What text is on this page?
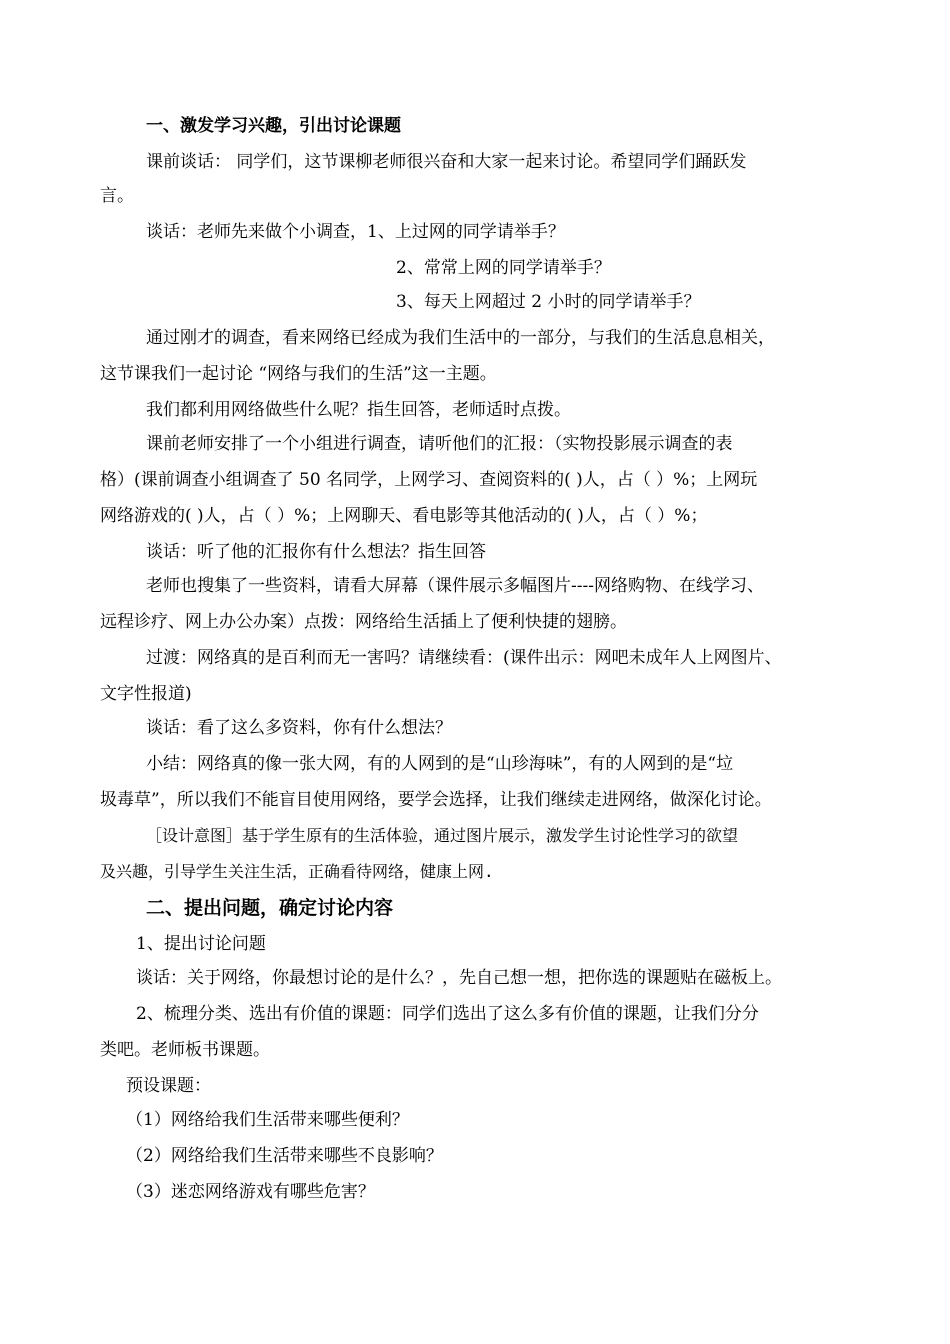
一、激发学习兴趣，引出讨论课题
课前谈话： 同学们，这节课柳老师很兴奋和大家一起来讨论。希望同学们踊跃发
言。
谈话：老师先来做个小调查，1、上过网的同学请举手？
2、常常上网的同学请举手？
3、每天上网超过 2 小时的同学请举手？
通过刚才的调查，看来网络已经成为我们生活中的一部分，与我们的生活息息相关，
这节课我们一起讨论 “网络与我们的生活”这一主题。
我们都利用网络做些什么呢？指生回答，老师适时点拨。
课前老师安排了一个小组进行调查，请听他们的汇报：（实物投影展示调查的表
格）(课前调查小组调查了 50 名同学，上网学习、查阅资料的( )人，占（ ）%；上网玩
网络游戏的( )人，占（ ）%；上网聊天、看电影等其他活动的( )人，占（ ）%；
谈话：听了他的汇报你有什么想法？指生回答
老师也搜集了一些资料，请看大屏幕（课件展示多幅图片----网络购物、在线学习、
远程诊疗、网上办公办案）点拨：网络给生活插上了便利快捷的翅膀。
过渡：网络真的是百利而无一害吗？请继续看：(课件出示：网吧未成年人上网图片、
文字性报道)
谈话：看了这么多资料，你有什么想法？
小结：网络真的像一张大网，有的人网到的是“山珍海味”，有的人网到的是“垃
圾毒草”，所以我们不能盲目使用网络，要学会选择，让我们继续走进网络，做深化讨论。
［设计意图］基于学生原有的生活体验，通过图片展示，激发学生讨论性学习的欲望
及兴趣，引导学生关注生活，正确看待网络，健康上网.
二、提出问题，确定讨论内容
1、提出讨论问题
谈话：关于网络，你最想讨论的是什么？，先自己想一想，把你选的课题贴在磁板上。
2、梳理分类、选出有价值的课题：同学们选出了这么多有价值的课题，让我们分分
类吧。老师板书课题。
预设课题：
（1）网络给我们生活带来哪些便利？
（2）网络给我们生活带来哪些不良影响？
（3）迷恋网络游戏有哪些危害？
